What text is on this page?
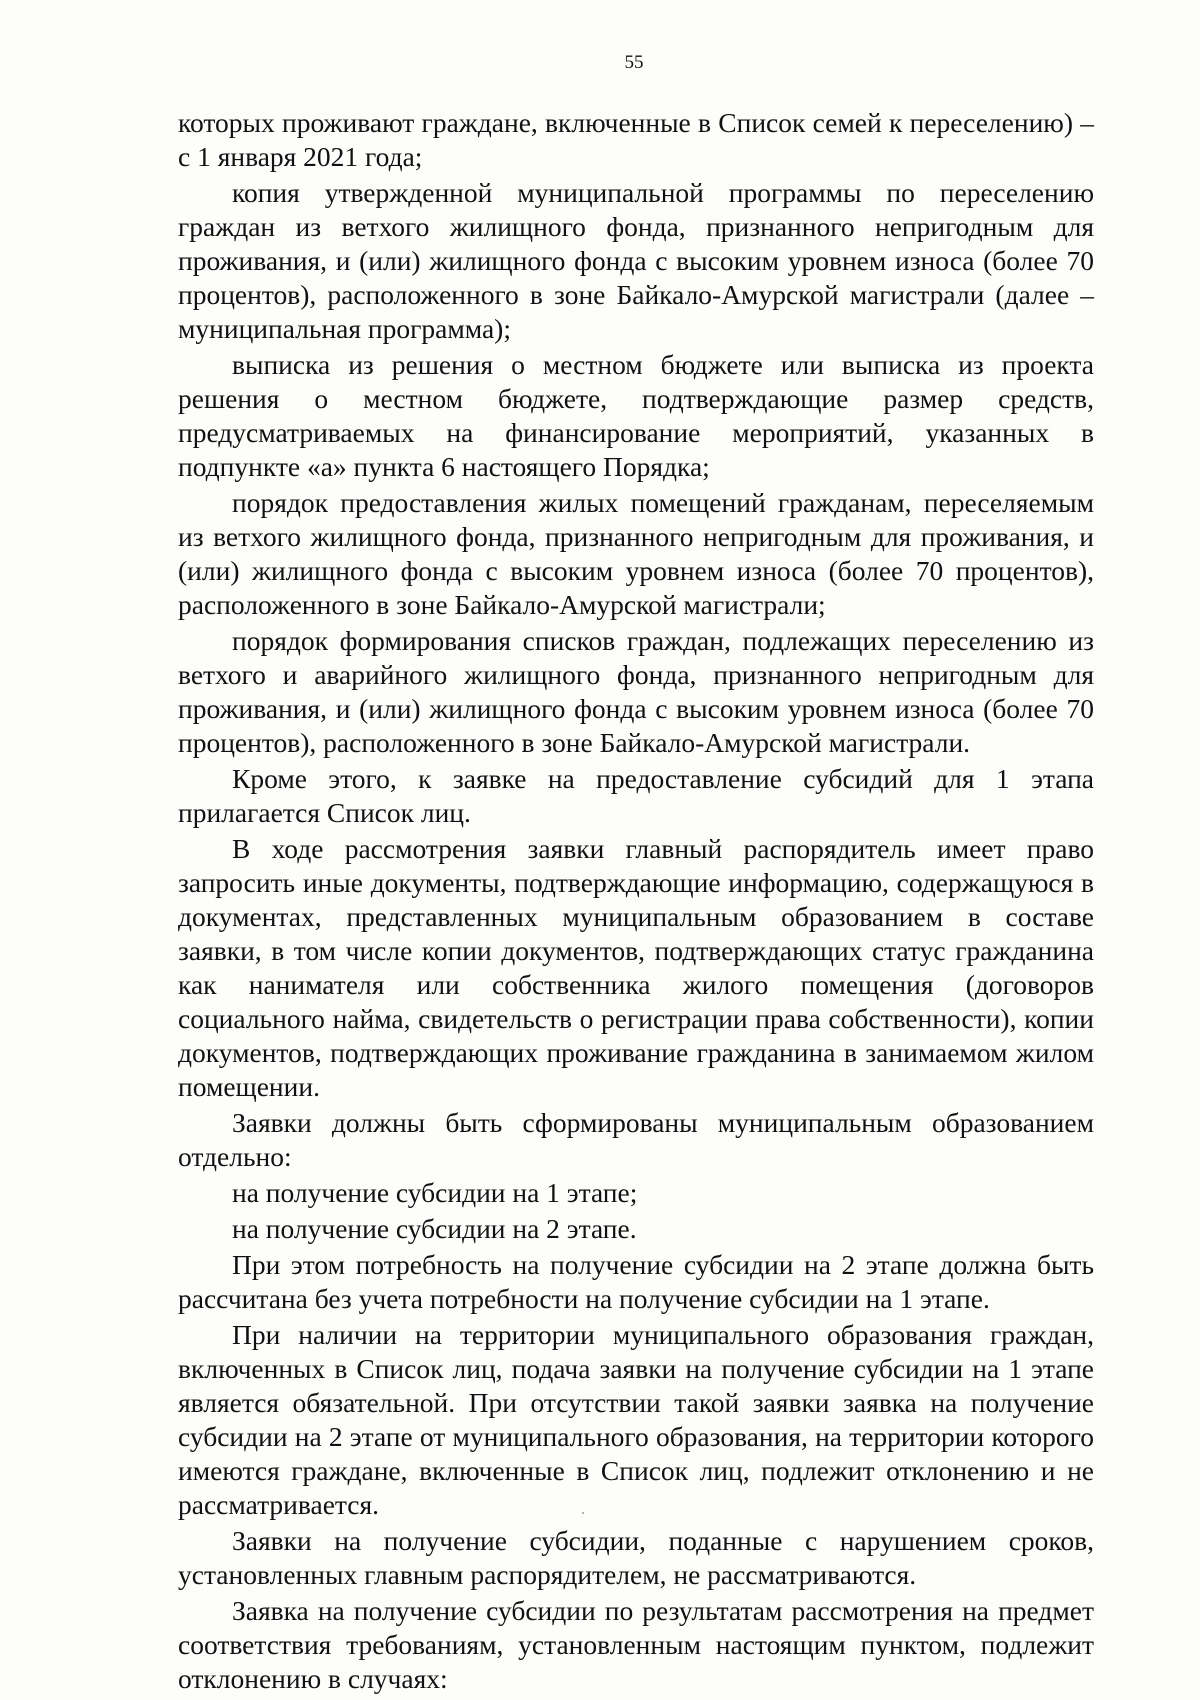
55

которых проживают граждане, включенные в Список семей к переселению) – с 1 января 2021 года;

копия утвержденной муниципальной программы по переселению граждан из ветхого жилищного фонда, признанного непригодным для проживания, и (или) жилищного фонда с высоким уровнем износа (более 70 процентов), расположенного в зоне Байкало-Амурской магистрали (далее – муниципальная программа);

выписка из решения о местном бюджете или выписка из проекта решения о местном бюджете, подтверждающие размер средств, предусматриваемых на финансирование мероприятий, указанных в подпункте «а» пункта 6 настоящего Порядка;

порядок предоставления жилых помещений гражданам, переселяемым из ветхого жилищного фонда, признанного непригодным для проживания, и (или) жилищного фонда с высоким уровнем износа (более 70 процентов), расположенного в зоне Байкало-Амурской магистрали;

порядок формирования списков граждан, подлежащих переселению из ветхого и аварийного жилищного фонда, признанного непригодным для проживания, и (или) жилищного фонда с высоким уровнем износа (более 70 процентов), расположенного в зоне Байкало-Амурской магистрали.

Кроме этого, к заявке на предоставление субсидий для 1 этапа прилагается Список лиц.

В ходе рассмотрения заявки главный распорядитель имеет право запросить иные документы, подтверждающие информацию, содержащуюся в документах, представленных муниципальным образованием в составе заявки, в том числе копии документов, подтверждающих статус гражданина как нанимателя или собственника жилого помещения (договоров социального найма, свидетельств о регистрации права собственности), копии документов, подтверждающих проживание гражданина в занимаемом жилом помещении.

Заявки должны быть сформированы муниципальным образованием отдельно:

на получение субсидии на 1 этапе;

на получение субсидии на 2 этапе.

При этом потребность на получение субсидии на 2 этапе должна быть рассчитана без учета потребности на получение субсидии на 1 этапе.

При наличии на территории муниципального образования граждан, включенных в Список лиц, подача заявки на получение субсидии на 1 этапе является обязательной. При отсутствии такой заявки заявка на получение субсидии на 2 этапе от муниципального образования, на территории которого имеются граждане, включенные в Список лиц, подлежит отклонению и не рассматривается.

Заявки на получение субсидии, поданные с нарушением сроков, установленных главным распорядителем, не рассматриваются.

Заявка на получение субсидии по результатам рассмотрения на предмет соответствия требованиям, установленным настоящим пунктом, подлежит отклонению в случаях:
